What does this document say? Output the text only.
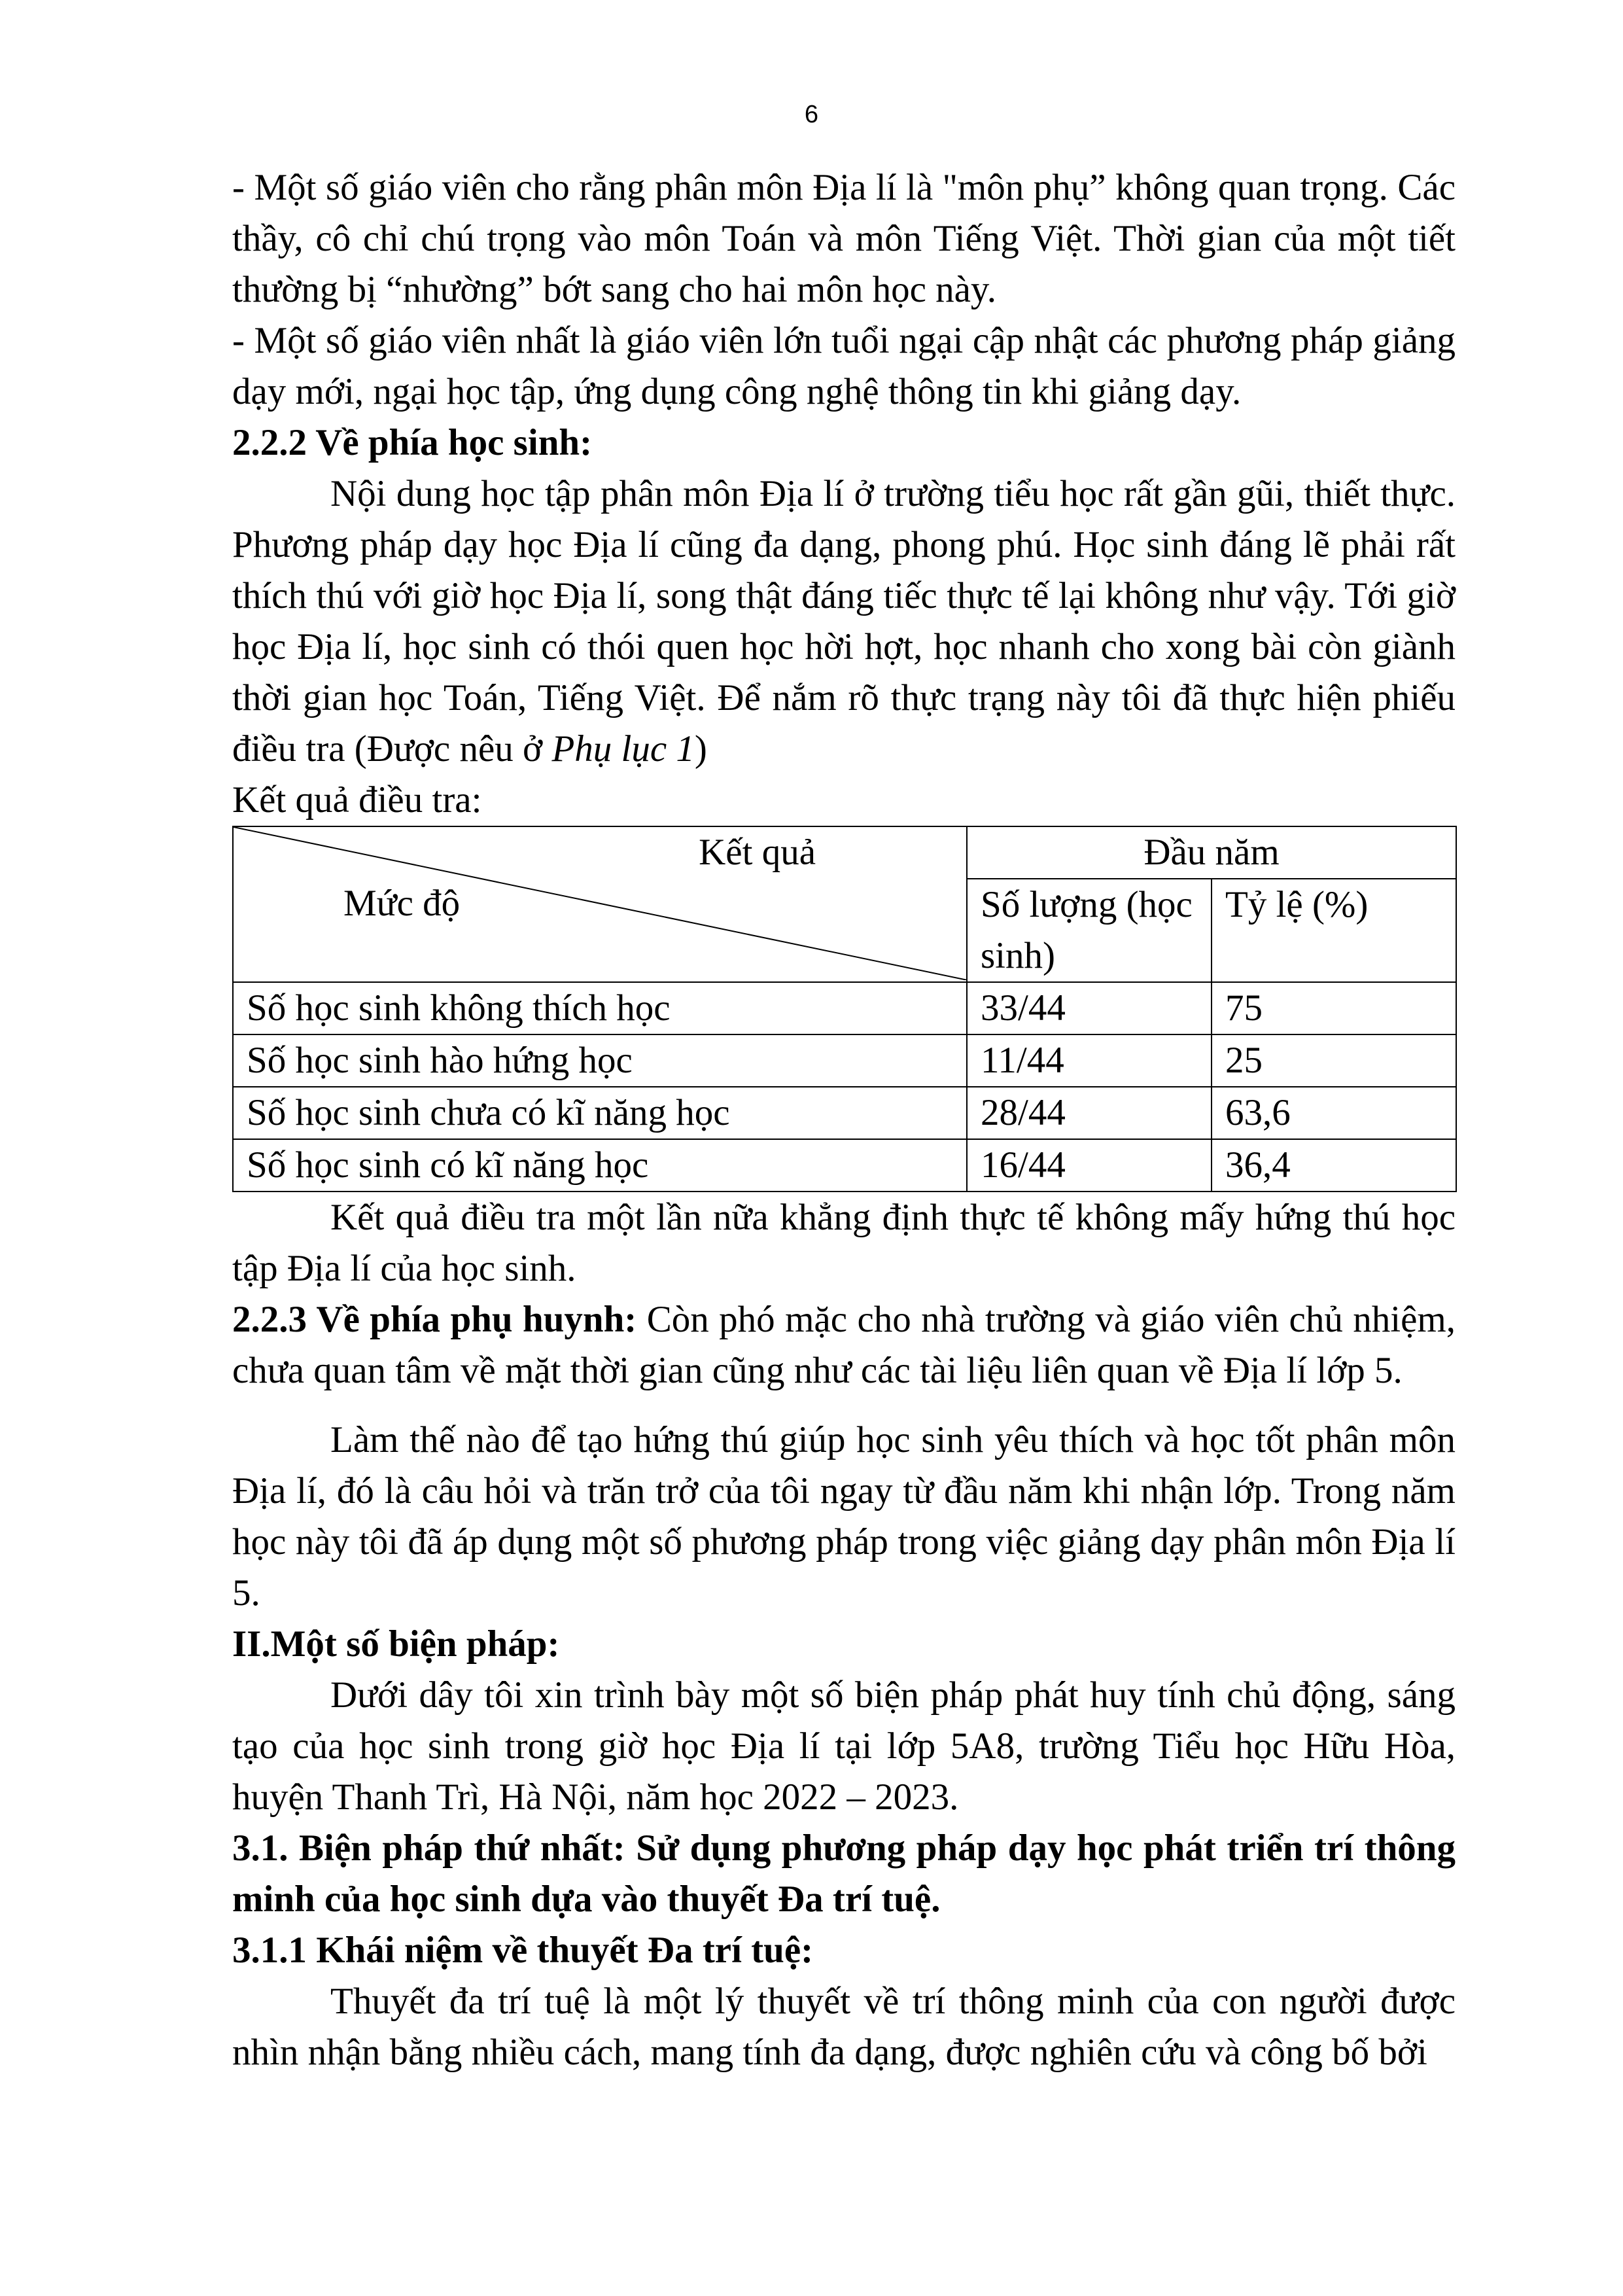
6

- Một số giáo viên cho rằng phân môn Địa lí là "môn phụ” không quan trọng. Các thầy, cô chỉ chú trọng vào môn Toán và môn Tiếng Việt. Thời gian của một tiết thường bị “nhường” bớt sang cho hai môn học này.

- Một số giáo viên nhất là giáo viên lớn tuổi ngại cập nhật các phương pháp giảng dạy mới, ngại học tập, ứng dụng công nghệ thông tin khi giảng dạy.

2.2.2 Về phía học sinh:

Nội dung học tập phân môn Địa lí ở trường tiểu học rất gần gũi, thiết thực. Phương pháp dạy học Địa lí cũng đa dạng, phong phú. Học sinh đáng lẽ phải rất thích thú với giờ học Địa lí, song thật đáng tiếc thực tế lại không như vậy. Tới giờ học Địa lí, học sinh có thói quen học hời hợt, học nhanh cho xong bài còn giành thời gian học Toán, Tiếng Việt. Để nắm rõ thực trạng này tôi đã thực hiện phiếu điều tra (Được nêu ở Phụ lục 1)

Kết quả điều tra:

Kết quả
Mức độ	Đầu năm	
	Số lượng (học sinh)	Tỷ lệ (%)
Số học sinh không thích học	33/44	75
Số học sinh hào hứng học	11/44	25
Số học sinh chưa có kĩ năng học	28/44	63,6
Số học sinh có kĩ năng học	16/44	36,4

Kết quả điều tra một lần nữa khẳng định thực tế không mấy hứng thú học tập Địa lí của học sinh.

2.2.3 Về phía phụ huynh: Còn phó mặc cho nhà trường và giáo viên chủ nhiệm, chưa quan tâm về mặt thời gian cũng như các tài liệu liên quan về Địa lí lớp 5.

Làm thế nào để tạo hứng thú giúp học sinh yêu thích và học tốt phân môn Địa lí, đó là câu hỏi và trăn trở của tôi ngay từ đầu năm khi nhận lớp. Trong năm học này tôi đã áp dụng một số phương pháp trong việc giảng dạy phân môn Địa lí 5.

II.Một số biện pháp:

Dưới dây tôi xin trình bày một số biện pháp phát huy tính chủ động, sáng tạo của học sinh trong giờ học Địa lí tại lớp 5A8, trường Tiểu học Hữu Hòa, huyện Thanh Trì, Hà Nội, năm học 2022 – 2023.

3.1. Biện pháp thứ nhất: Sử dụng phương pháp dạy học phát triển trí thông minh của học sinh dựa vào thuyết Đa trí tuệ.

3.1.1 Khái niệm về thuyết Đa trí tuệ:

Thuyết đa trí tuệ là một lý thuyết về trí thông minh của con người được nhìn nhận bằng nhiều cách, mang tính đa dạng, được nghiên cứu và công bố bởi
